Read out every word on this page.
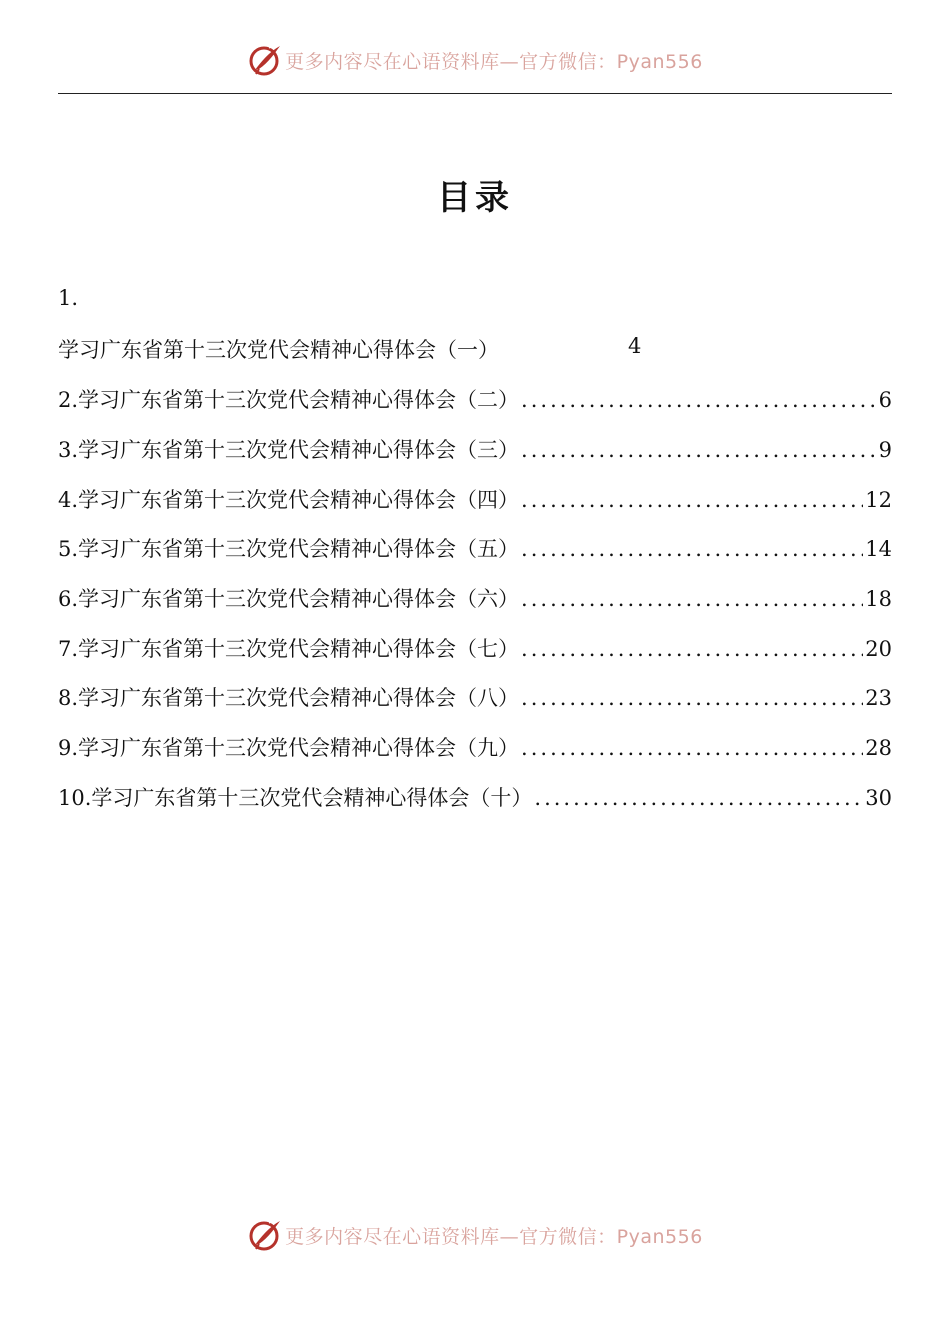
更多内容尽在心语资料库—官方微信：Pyan556
目录
1.
学习广东省第十三次党代会精神心得体会（一）	4
2.学习广东省第十三次党代会精神心得体会（二） .....	6
3.学习广东省第十三次党代会精神心得体会（三） .....	9
4.学习广东省第十三次党代会精神心得体会（四） .....	12
5.学习广东省第十三次党代会精神心得体会（五） .....	14
6.学习广东省第十三次党代会精神心得体会（六） .....	18
7.学习广东省第十三次党代会精神心得体会（七） .....	20
8.学习广东省第十三次党代会精神心得体会（八） .....	23
9.学习广东省第十三次党代会精神心得体会（九） .....	28
10.学习广东省第十三次党代会精神心得体会（十） .....	30
更多内容尽在心语资料库—官方微信：Pyan556
